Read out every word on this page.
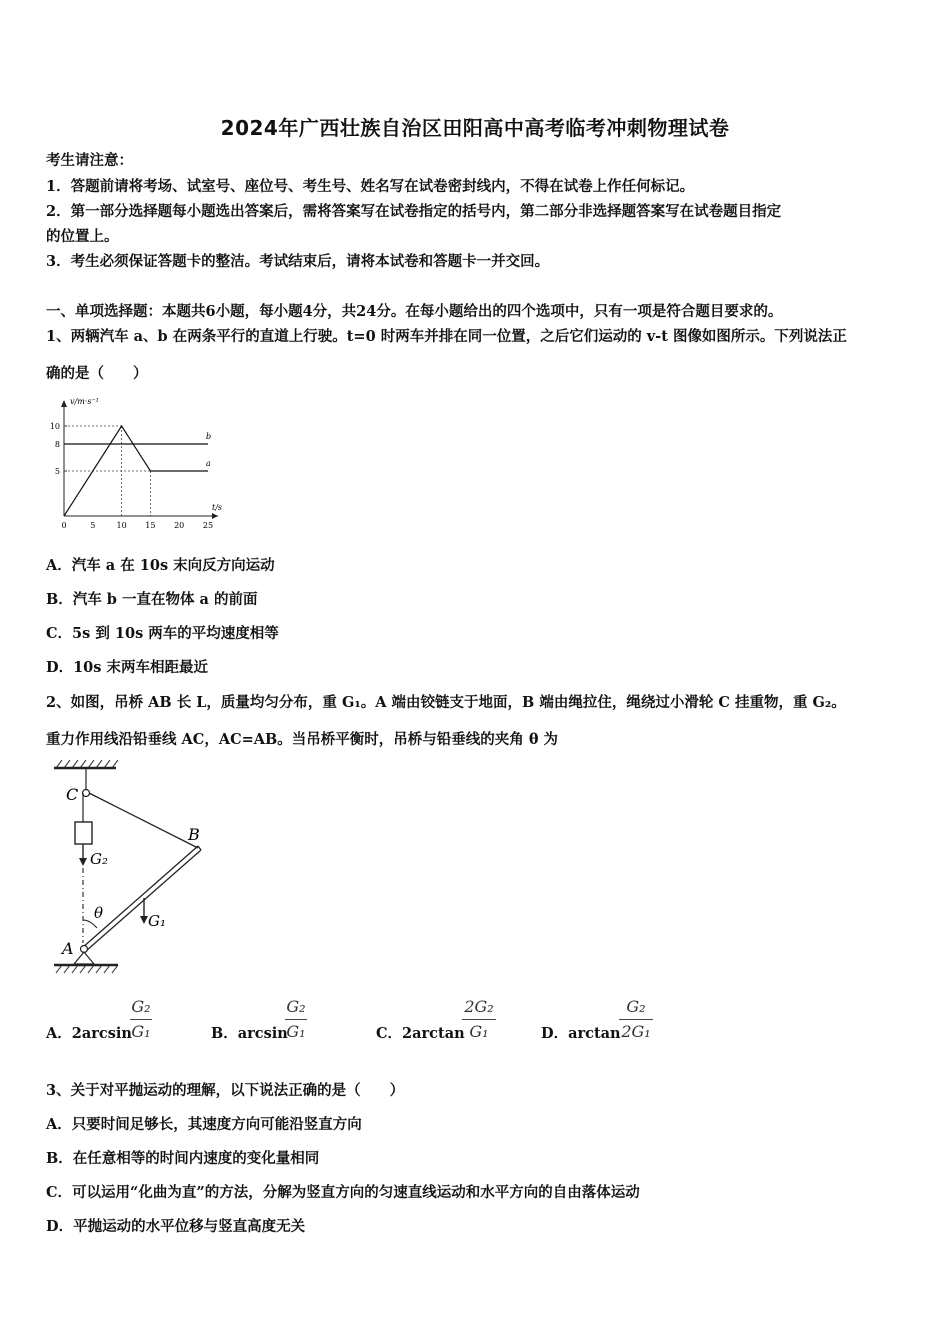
2024年广西壮族自治区田阳高中高考临考冲刺物理试卷
考生请注意：
1．答题前请将考场、试室号、座位号、考生号、姓名写在试卷密封线内，不得在试卷上作任何标记。
2．第一部分选择题每小题选出答案后，需将答案写在试卷指定的括号内，第二部分非选择题答案写在试卷题目指定
的位置上。
3．考生必须保证答题卡的整洁。考试结束后，请将本试卷和答题卡一并交回。
一、单项选择题：本题共6小题，每小题4分，共24分。在每小题给出的四个选项中，只有一项是符合题目要求的。
1、两辆汽车 a、b 在两条平行的直道上行驶。t=0 时两车并排在同一位置，之后它们运动的 v-t 图像如图所示。下列说法正
确的是（　　）
v/m·s⁻¹
t/s
0	5	10 15 20 25
5
8
10
a
b
A．汽车 a 在 10s 末向反方向运动
B．汽车 b 一直在物体 a 的前面
C．5s 到 10s 两车的平均速度相等
D．10s 末两车相距最近
2、如图，吊桥 AB 长 L，质量均匀分布，重 G₁。A 端由铰链支于地面，B 端由绳拉住，绳绕过小滑轮 C 挂重物，重 G₂。
重力作用线沿铅垂线 AC，AC=AB。当吊桥平衡时，吊桥与铅垂线的夹角 θ 为
C
B
A
G₂
G₁
θ
A．2arcsin
G₂
G₁	B．arcsin
G₂
G₁	C．2arctan
2G₂
G₁	D．arctan
G₂
2G₁
3、关于对平抛运动的理解，以下说法正确的是（　　）
A．只要时间足够长，其速度方向可能沿竖直方向
B．在任意相等的时间内速度的变化量相同
C．可以运用“化曲为直”的方法，分解为竖直方向的匀速直线运动和水平方向的自由落体运动
D．平抛运动的水平位移与竖直高度无关
